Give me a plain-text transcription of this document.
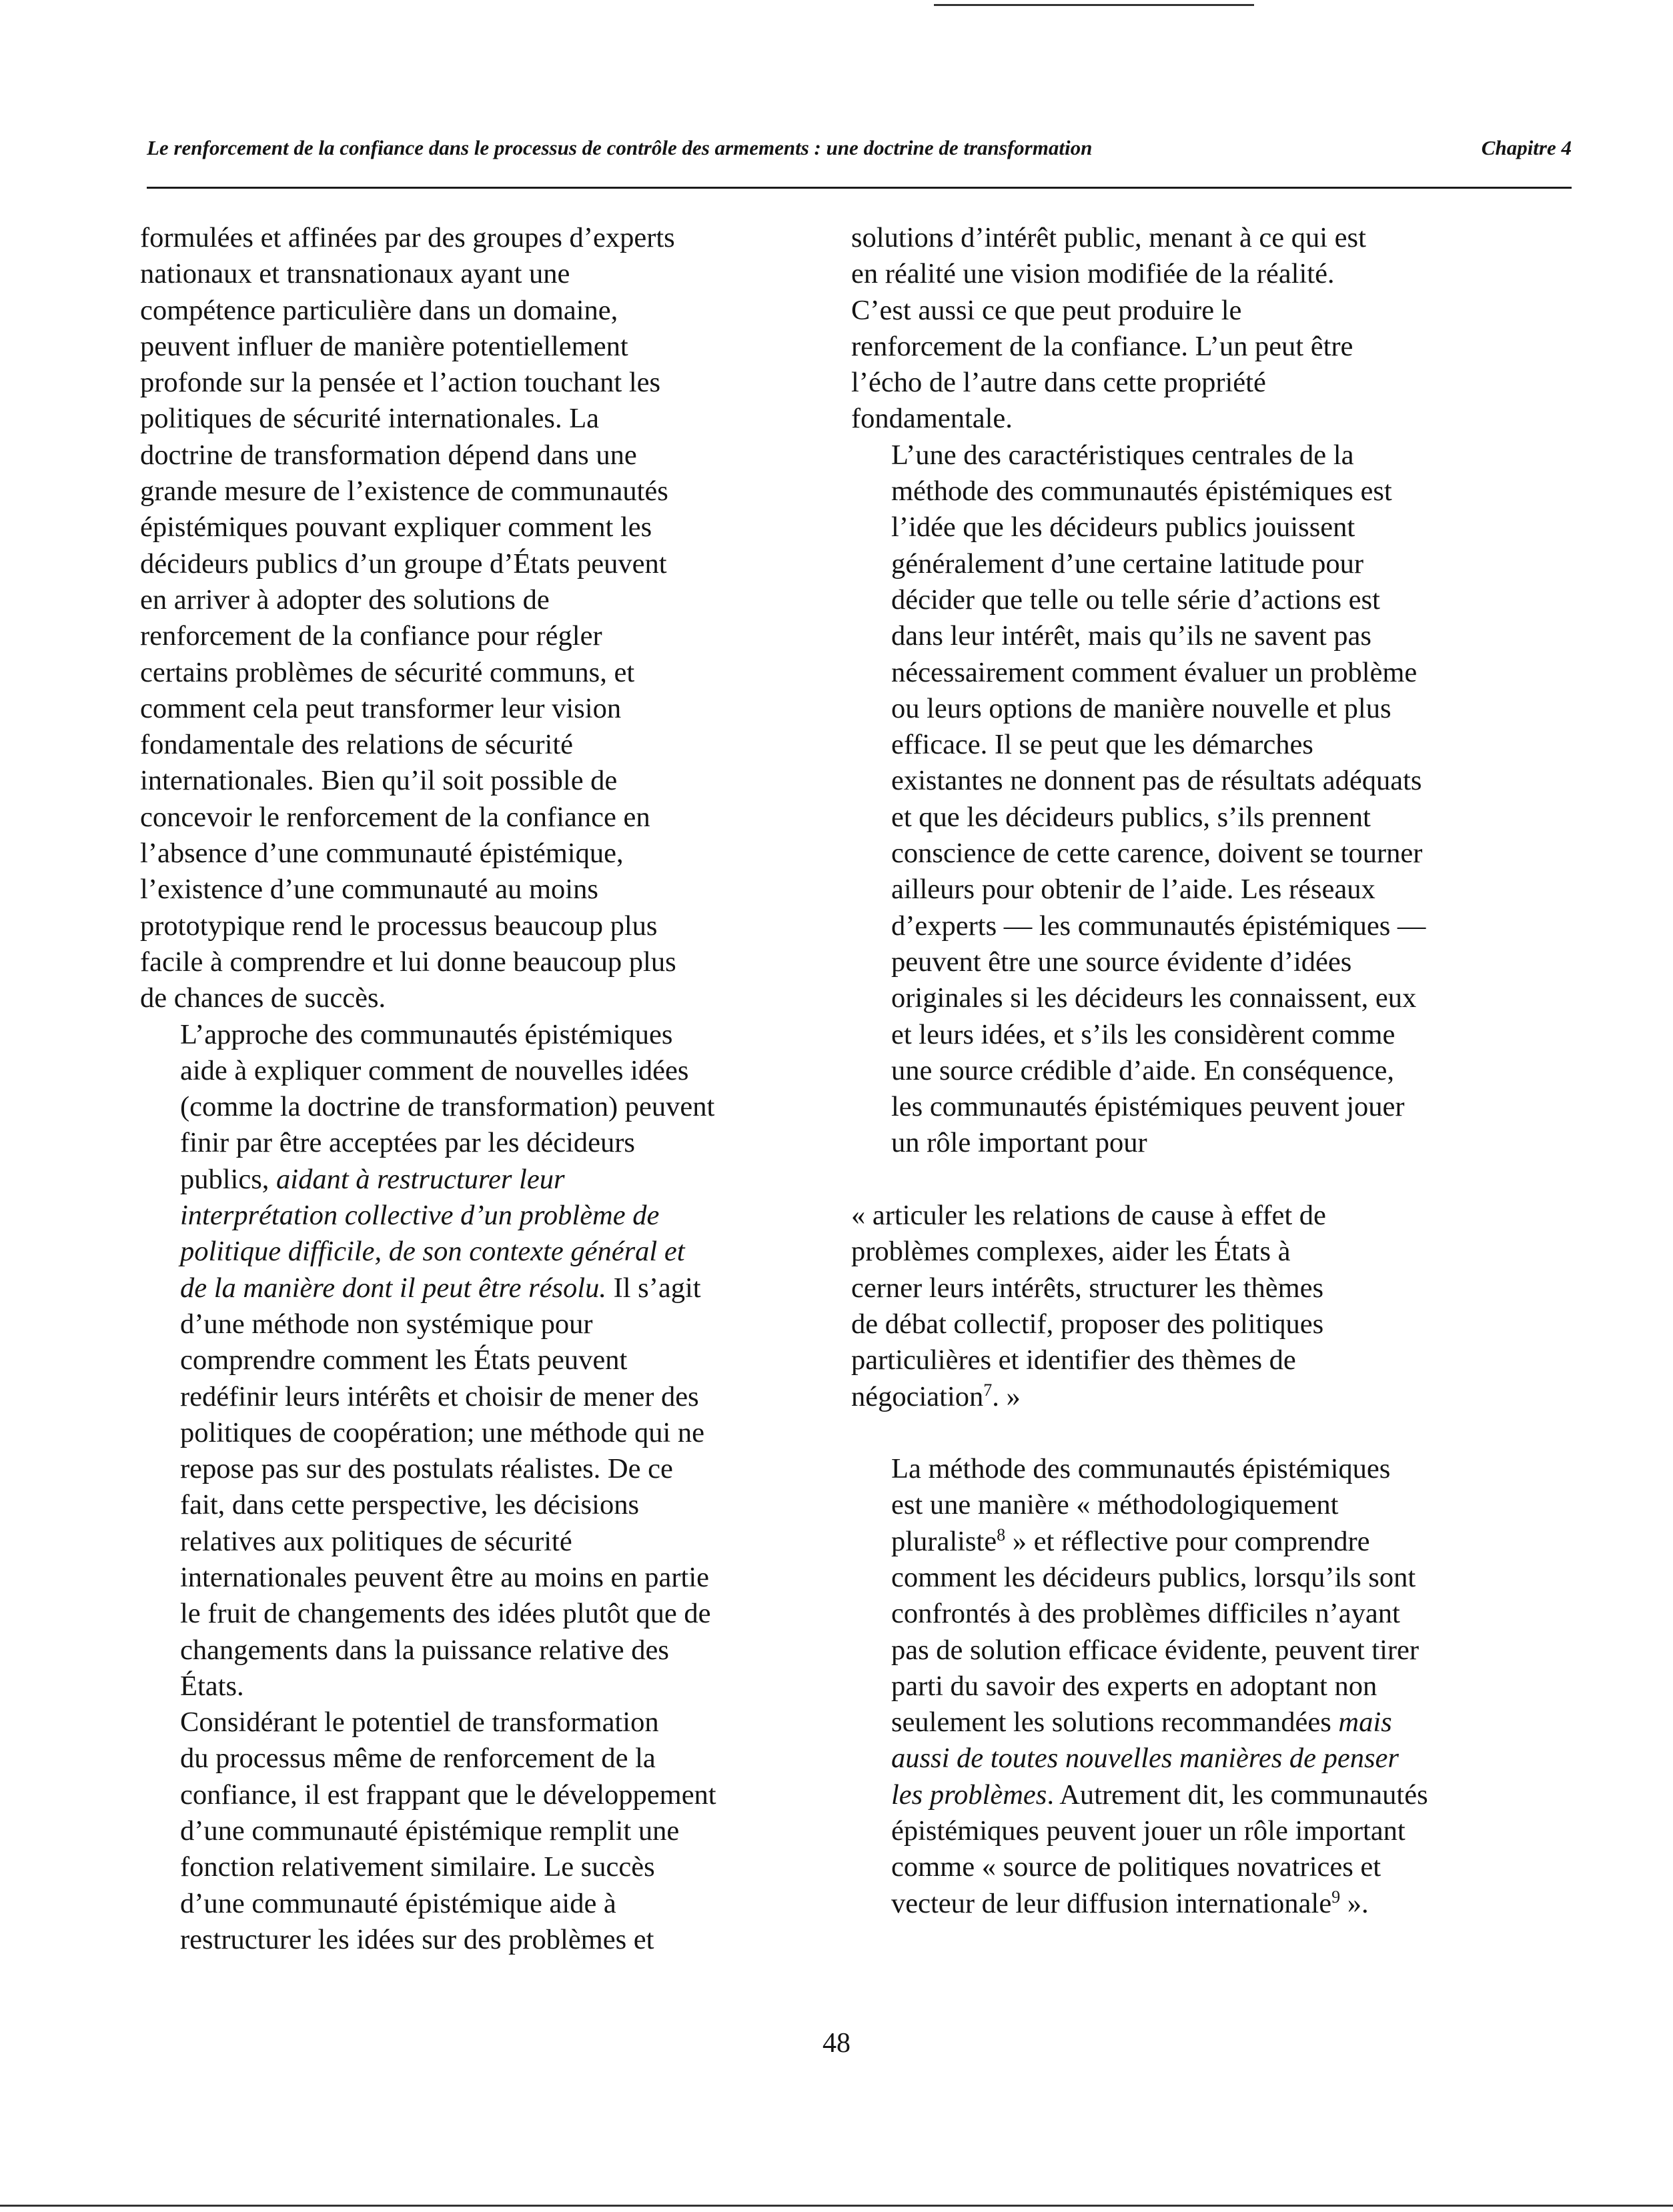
Le renforcement de la confiance dans le processus de contrôle des armements : une doctrine de transformation	Chapitre 4

formulées et affinées par des groupes d’experts
nationaux et transnationaux ayant une
compétence particulière dans un domaine,
peuvent influer de manière potentiellement
profonde sur la pensée et l’action touchant les
politiques de sécurité internationales. La
doctrine de transformation dépend dans une
grande mesure de l’existence de communautés
épistémiques pouvant expliquer comment les
décideurs publics d’un groupe d’États peuvent
en arriver à adopter des solutions de
renforcement de la confiance pour régler
certains problèmes de sécurité communs, et
comment cela peut transformer leur vision
fondamentale des relations de sécurité
internationales. Bien qu’il soit possible de
concevoir le renforcement de la confiance en
l’absence d’une communauté épistémique,
l’existence d’une communauté au moins
prototypique rend le processus beaucoup plus
facile à comprendre et lui donne beaucoup plus
de chances de succès.

L’approche des communautés épistémiques
aide à expliquer comment de nouvelles idées
(comme la doctrine de transformation) peuvent
finir par être acceptées par les décideurs
publics, aidant à restructurer leur
interprétation collective d’un problème de
politique difficile, de son contexte général et
de la manière dont il peut être résolu. Il s’agit
d’une méthode non systémique pour
comprendre comment les États peuvent
redéfinir leurs intérêts et choisir de mener des
politiques de coopération; une méthode qui ne
repose pas sur des postulats réalistes. De ce
fait, dans cette perspective, les décisions
relatives aux politiques de sécurité
internationales peuvent être au moins en partie
le fruit de changements des idées plutôt que de
changements dans la puissance relative des
États.

Considérant le potentiel de transformation
du processus même de renforcement de la
confiance, il est frappant que le développement
d’une communauté épistémique remplit une
fonction relativement similaire. Le succès
d’une communauté épistémique aide à
restructurer les idées sur des problèmes et

solutions d’intérêt public, menant à ce qui est
en réalité une vision modifiée de la réalité.
C’est aussi ce que peut produire le
renforcement de la confiance. L’un peut être
l’écho de l’autre dans cette propriété
fondamentale.

L’une des caractéristiques centrales de la
méthode des communautés épistémiques est
l’idée que les décideurs publics jouissent
généralement d’une certaine latitude pour
décider que telle ou telle série d’actions est
dans leur intérêt, mais qu’ils ne savent pas
nécessairement comment évaluer un problème
ou leurs options de manière nouvelle et plus
efficace. Il se peut que les démarches
existantes ne donnent pas de résultats adéquats
et que les décideurs publics, s’ils prennent
conscience de cette carence, doivent se tourner
ailleurs pour obtenir de l’aide. Les réseaux
d’experts — les communautés épistémiques —
peuvent être une source évidente d’idées
originales si les décideurs les connaissent, eux
et leurs idées, et s’ils les considèrent comme
une source crédible d’aide. En conséquence,
les communautés épistémiques peuvent jouer
un rôle important pour

« articuler les relations de cause à effet de
problèmes complexes, aider les États à
cerner leurs intérêts, structurer les thèmes
de débat collectif, proposer des politiques
particulières et identifier des thèmes de
négociation$^7$. »

La méthode des communautés épistémiques
est une manière « méthodologiquement
pluraliste$^8$ » et réflective pour comprendre
comment les décideurs publics, lorsqu’ils sont
confrontés à des problèmes difficiles n’ayant
pas de solution efficace évidente, peuvent tirer
parti du savoir des experts en adoptant non
seulement les solutions recommandées mais
aussi de toutes nouvelles manières de penser
les problèmes. Autrement dit, les communautés
épistémiques peuvent jouer un rôle important
comme « source de politiques novatrices et
vecteur de leur diffusion internationale$^9$ ».

48
